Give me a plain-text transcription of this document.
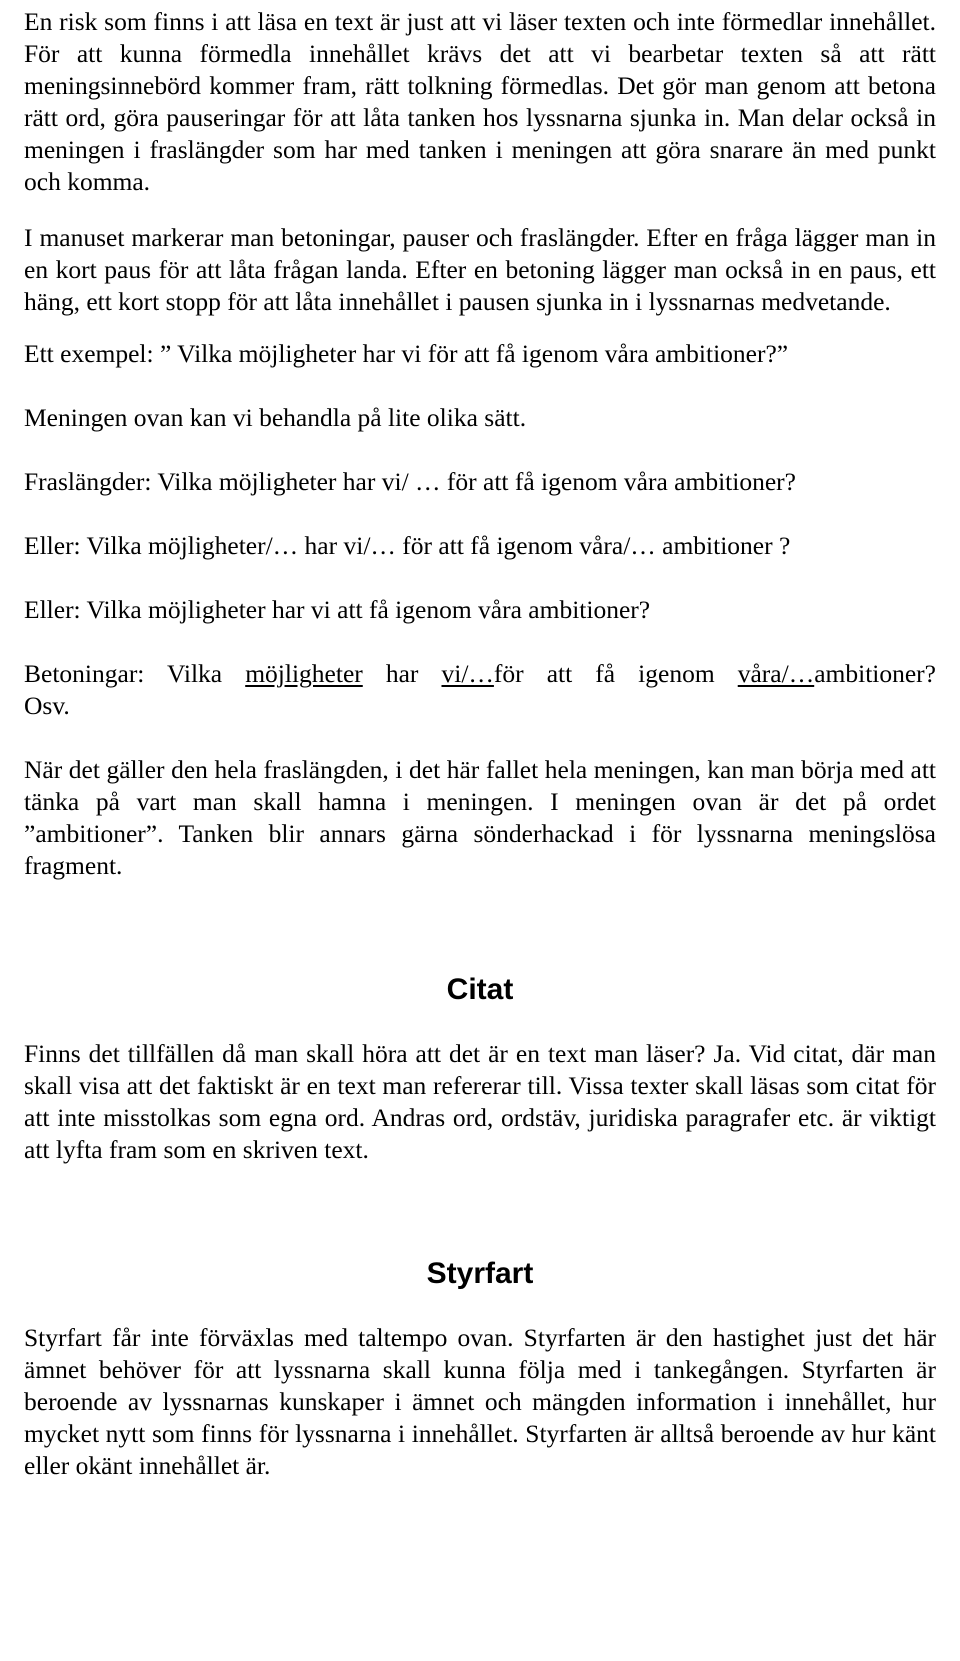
En risk som finns i att läsa en text är just att vi läser texten och inte förmedlar innehållet. För att kunna förmedla innehållet krävs det att vi bearbetar texten så att rätt meningsinnebörd kommer fram, rätt tolkning förmedlas. Det gör man genom att betona rätt ord, göra pauseringar för att låta tanken hos lyssnarna sjunka in. Man delar också in meningen i fraslängder som har med tanken i meningen att göra snarare än med punkt och komma.

I manuset markerar man betoningar, pauser och fraslängder. Efter en fråga lägger man in en kort paus för att låta frågan landa. Efter en betoning lägger man också in en paus, ett häng, ett kort stopp för att låta innehållet i pausen sjunka in i lyssnarnas medvetande.

Ett exempel: ” Vilka möjligheter har vi för att få igenom våra ambitioner?”

Meningen ovan kan vi behandla på lite olika sätt.

Fraslängder: Vilka möjligheter har vi/ … för att få igenom våra ambitioner?

Eller: Vilka möjligheter/… har vi/… för att få igenom våra/… ambitioner ?

Eller: Vilka möjligheter har vi att få igenom våra ambitioner?

Betoningar: Vilka möjligheter har vi/…för att få igenom våra/…ambitioner?
Osv.

När det gäller den hela fraslängden, i det här fallet hela meningen, kan man börja med att tänka på vart man skall hamna i meningen. I meningen ovan är det på ordet ”ambitioner”. Tanken blir annars gärna sönderhackad i för lyssnarna meningslösa fragment.

Citat

Finns det tillfällen då man skall höra att det är en text man läser? Ja. Vid citat, där man skall visa att det faktiskt är en text man refererar till. Vissa texter skall läsas som citat för att inte misstolkas som egna ord. Andras ord, ordstäv, juridiska paragrafer etc. är viktigt att lyfta fram som en skriven text.

Styrfart

Styrfart får inte förväxlas med taltempo ovan. Styrfarten är den hastighet just det här ämnet behöver för att lyssnarna skall kunna följa med i tankegången. Styrfarten är beroende av lyssnarnas kunskaper i ämnet och mängden information i innehållet, hur mycket nytt som finns för lyssnarna i innehållet. Styrfarten är alltså beroende av hur känt eller okänt innehållet är.
